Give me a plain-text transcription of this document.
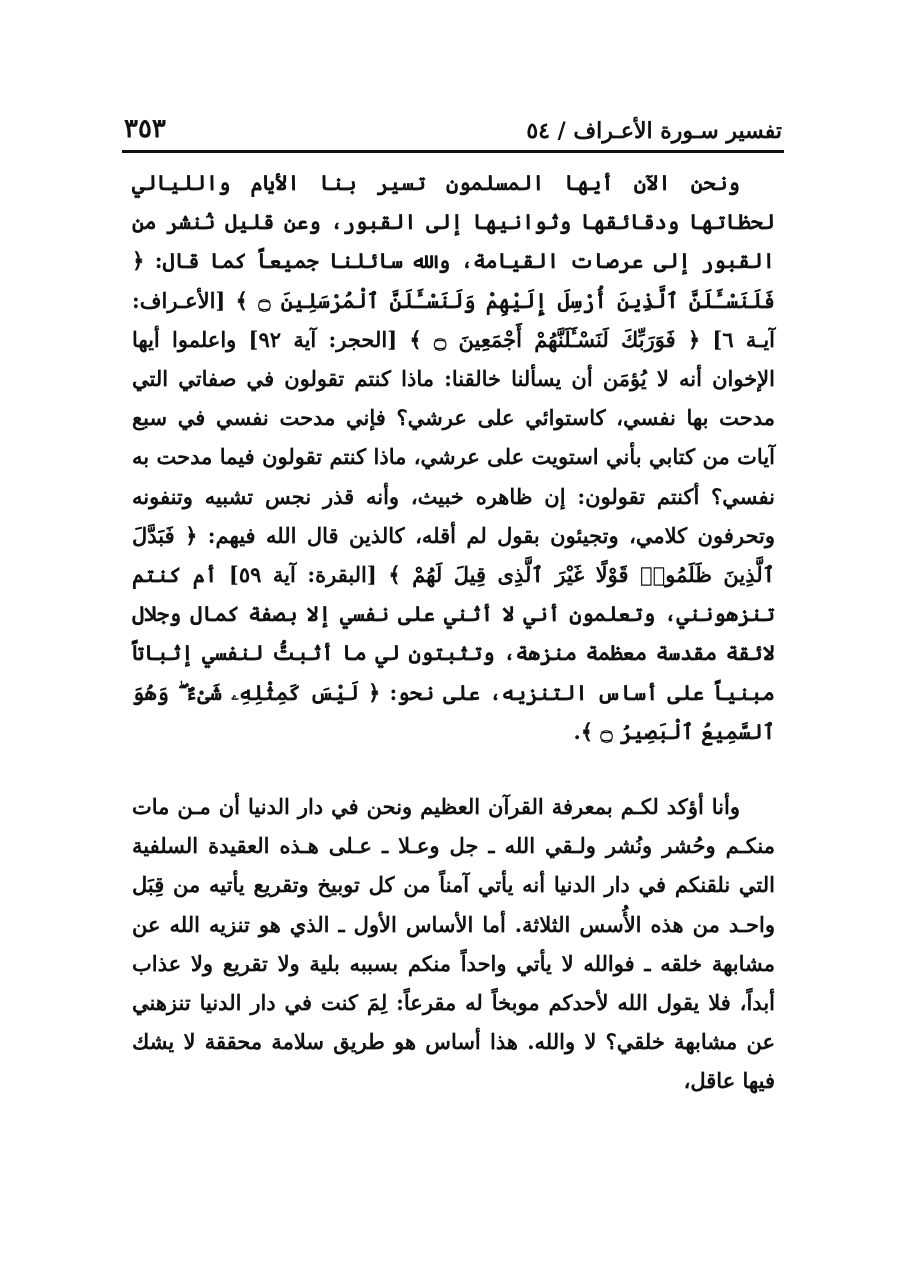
تفسير سـورة الأعـراف / ٥٤
٣٥٣

ونحن الآن أيها المسلمون تسير بنا الأيام والليالي لحظاتها ودقائقها وثوانيها إلى القبور، وعن قليل نُنشر من القبور إلى عرصات القيامة، والله سائلنا جميعاً كما قال: ﴿ فَلَنَسْـَٔلَنَّ ٱلَّذِينَ أُرْسِلَ إِلَيْهِمْ وَلَنَسْـَٔلَنَّ ٱلْمُرْسَلِينَ ۝ ﴾ [الأعـراف: آيـة ٦] ﴿ فَوَرَبِّكَ لَنَسْـَٔلَنَّهُمْ أَجْمَعِينَ ۝ ﴾ [الحجر: آية ٩٢] واعلموا أيها الإخوان أنه لا يُؤمَن أن يسألنا خالقنا: ماذا كنتم تقولون في صفاتي التي مدحت بها نفسي، كاستوائي على عرشي؟ فإني مدحت نفسي في سبع آيات من كتابي بأني استويت على عرشي، ماذا كنتم تقولون فيما مدحت به نفسي؟ أكنتم تقولون: إن ظاهره خبيث، وأنه قذر نجس تشبيه وتنفونه وتحرفون كلامي، وتجيئون بقول لم أقله، كالذين قال الله فيهم: ﴿ فَبَدَّلَ ٱلَّذِينَ ظَلَمُوا۟ قَوْلًا غَيْرَ ٱلَّذِى قِيلَ لَهُمْ ﴾ [البقرة: آية ٥٩] أم كنتم تنزهونني، وتعلمون أني لا أثني على نفسي إلا بصفة كمال وجلال لائقة مقدسة معظمة منزهة، وتثبتون لي ما أثبتُّ لنفسي إثباتاً مبنياً على أساس التنزيه، على نحو: ﴿ لَيْسَ كَمِثْلِهِۦ شَىْءٌ ۖ وَهُوَ ٱلسَّمِيعُ ٱلْبَصِيرُ ۝ ﴾.

وأنا أؤكد لكـم بمعرفة القرآن العظيم ونحن في دار الدنيا أن مـن مات منكـم وحُشر ونُشر ولـقي الله ـ جل وعـلا ـ عـلى هـذه العقيدة السلفية التي نلقنكم في دار الدنيا أنه يأتي آمناً من كل توبيخ وتقريع يأتيه من قِبَل واحـد من هذه الأُسس الثلاثة. أما الأساس الأول ـ الذي هو تنزيه الله عن مشابهة خلقه ـ فوالله لا يأتي واحداً منكم بسببه بلية ولا تقريع ولا عذاب أبداً، فلا يقول الله لأحدكم موبخاً له مقرعاً: لِمَ كنت في دار الدنيا تنزهني عن مشابهة خلقي؟ لا والله. هذا أساس هو طريق سلامة محققة لا يشك فيها عاقل،
